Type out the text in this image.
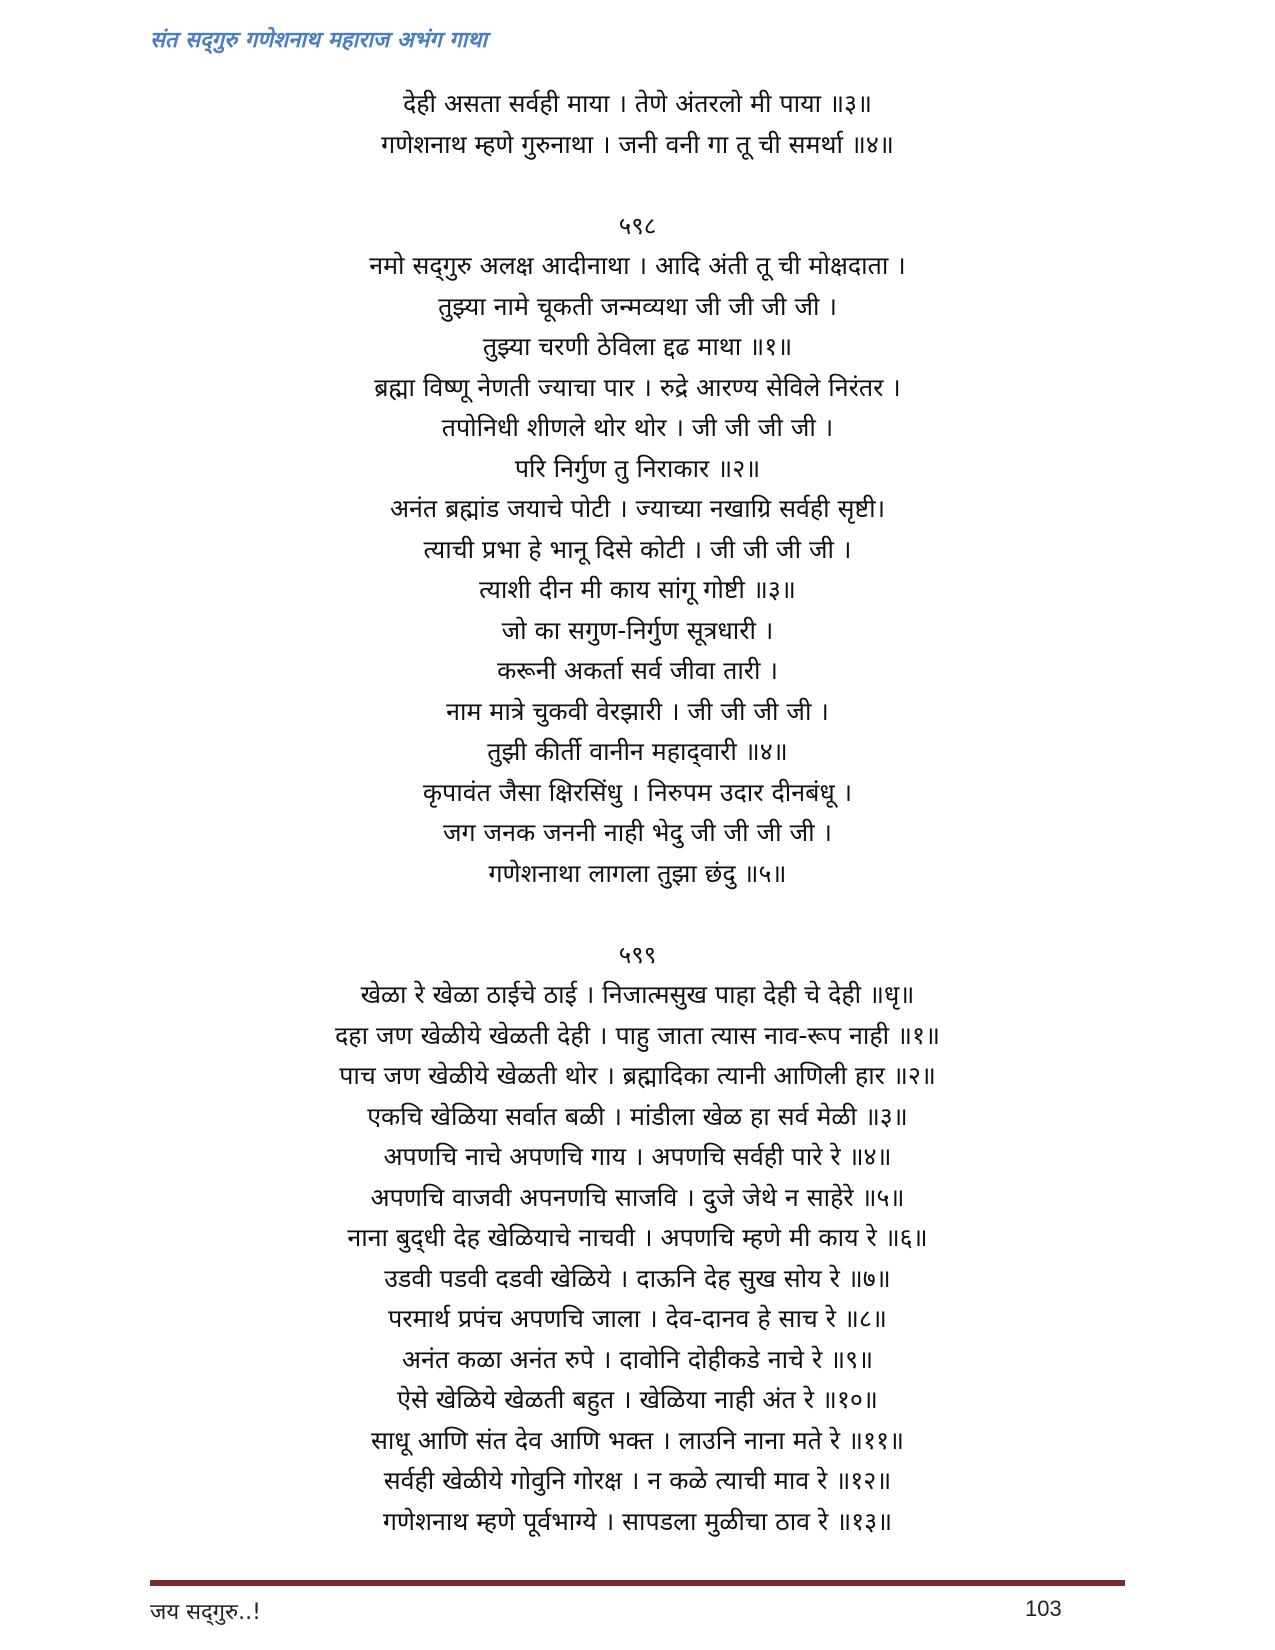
संत सद्‌गुरु गणेशनाथ महाराज अभंग गाथा
देही असता सर्वही माया । तेणे अंतरलो मी पाया ॥३॥
गणेशनाथ म्हणे गुरुनाथा । जनी वनी गा तू ची समर्था ॥४॥
५९८
नमो सद्‌गुरु अलक्ष आदीनाथा । आदि अंती तू ची मोक्षदाता ।
तुझ्या नामे चूकती जन्मव्यथा जी जी जी जी ।
तुझ्या चरणी ठेविला द्दढ माथा ॥१॥
ब्रह्मा विष्णू नेणती ज्याचा पार । रुद्रे आरण्य सेविले निरंतर ।
तपोनिधी शीणले थोर थोर । जी जी जी जी ।
परि निर्गुण तु निराकार ॥२॥
अनंत ब्रह्मांड जयाचे पोटी । ज्याच्या नखाग्रि सर्वही सृष्टी।
त्याची प्रभा हे भानू दिसे कोटी । जी जी जी जी ।
त्याशी दीन मी काय सांगू गोष्टी ॥३॥
जो का सगुण-निर्गुण सूत्रधारी ।
करूनी अकर्ता सर्व जीवा तारी ।
नाम मात्रे चुकवी वेरझारी । जी जी जी जी ।
तुझी कीर्ती वानीन महाद्‌वारी ॥४॥
कृपावंत जैसा क्षिरसिंधु । निरुपम उदार दीनबंधू ।
जग जनक जननी नाही भेदु जी जी जी जी ।
गणेशनाथा लागला तुझा छंदु ॥५॥
५९९
खेळा रे खेळा ठाईचे ठाई । निजात्मसुख पाहा देही चे देही ॥धृ॥
दहा जण खेळीये खेळती देही । पाहु जाता त्यास नाव-रूप नाही ॥१॥
पाच जण खेळीये खेळती थोर । ब्रह्मादिका त्यानी आणिली हार ॥२॥
एकचि खेळिया सर्वात बळी । मांडीला खेळ हा सर्व मेळी ॥३॥
अपणचि नाचे अपणचि गाय । अपणचि सर्वही पारे रे ॥४॥
अपणचि वाजवी अपनणचि साजवि । दुजे जेथे न साहेरे ॥५॥
नाना बुद्‌धी देह खेळियाचे नाचवी । अपणचि म्हणे मी काय रे ॥६॥
उडवी पडवी दडवी खेळिये । दाऊनि देह सुख सोय रे ॥७॥
परमार्थ प्रपंच अपणचि जाला । देव-दानव हे साच रे ॥८॥
अनंत कळा अनंत रुपे । दावोनि दोहीकडे नाचे रे ॥९॥
ऐसे खेळिये खेळती बहुत । खेळिया नाही अंत रे ॥१०॥
साधू आणि संत देव आणि भक्त । लाउनि नाना मते रे ॥११॥
सर्वही खेळीये गोवुनि गोरक्ष । न कळे त्याची माव रे ॥१२॥
गणेशनाथ म्हणे पूर्वभाग्ये । सापडला मुळीचा ठाव रे ॥१३॥
जय सद्‌गुरु..!	103
